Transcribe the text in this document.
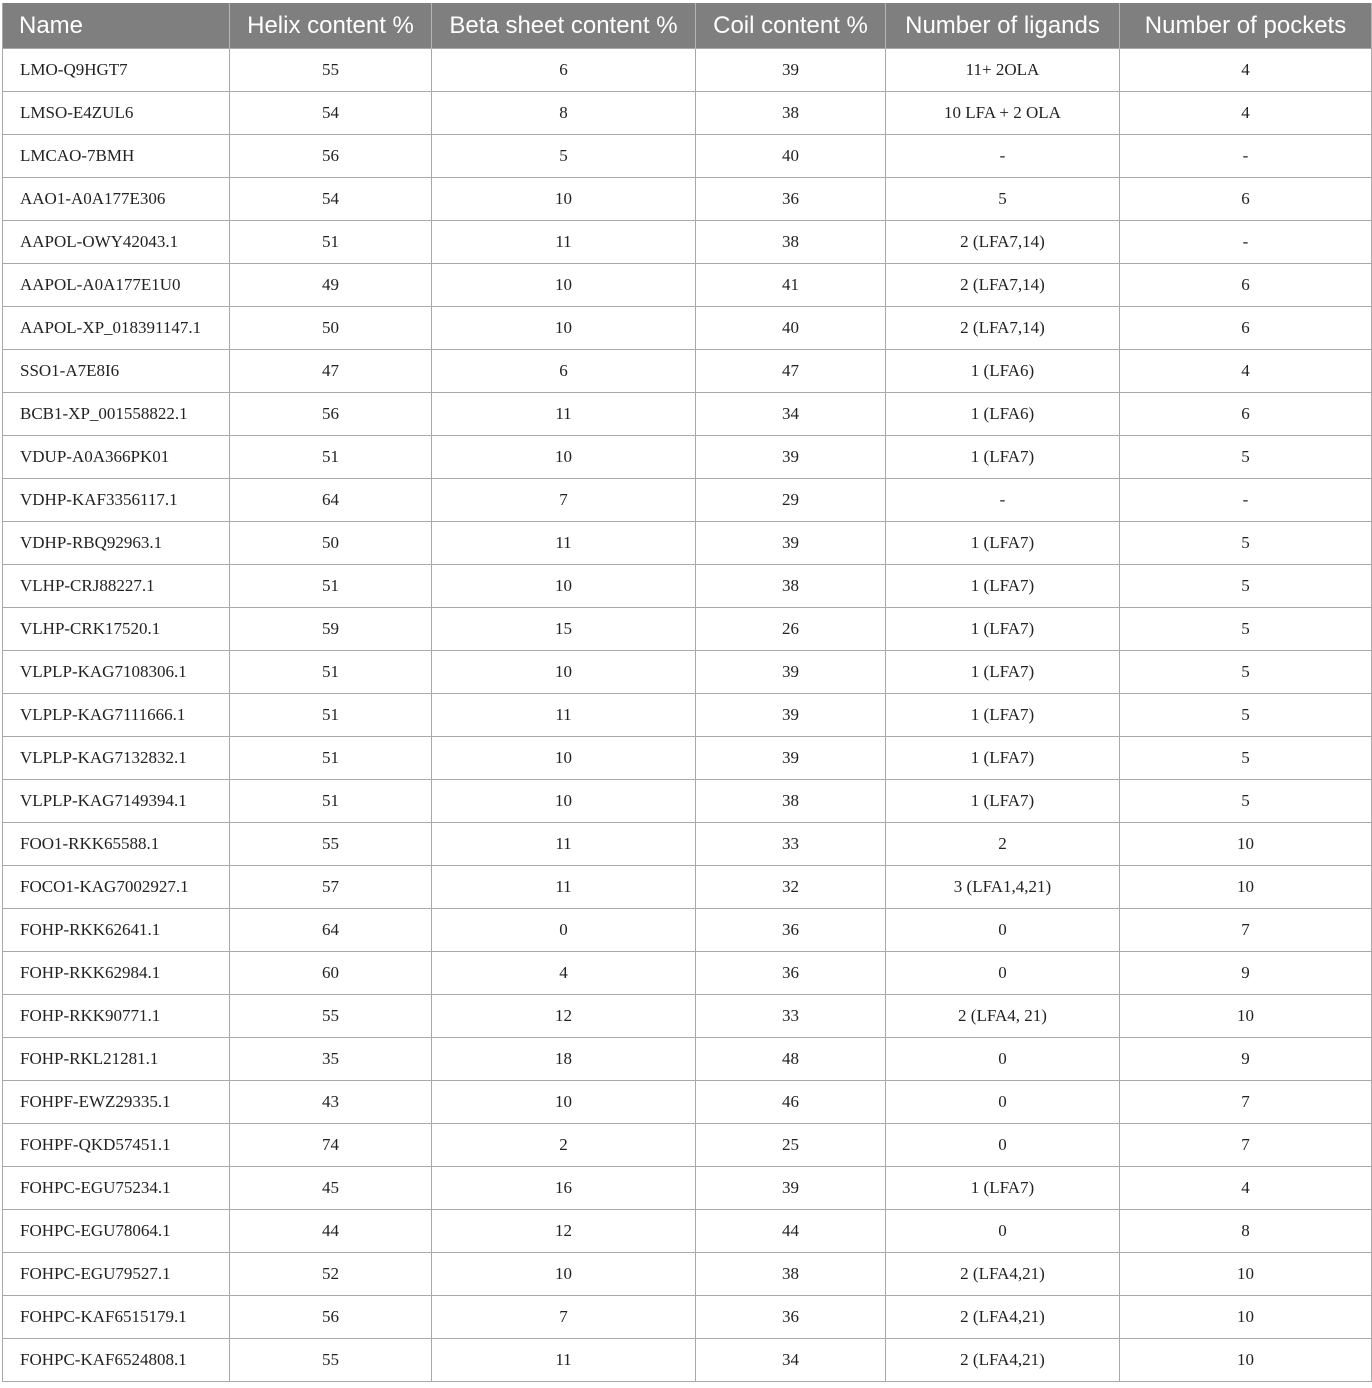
Name	Helix content %	Beta sheet content %	Coil content %	Number of ligands	Number of pockets
LMO-Q9HGT7	55	6	39	11+ 2OLA	4
LMSO-E4ZUL6	54	8	38	10 LFA + 2 OLA	4
LMCAO-7BMH	56	5	40	-	-
AAO1-A0A177E306	54	10	36	5	6
AAPOL-OWY42043.1	51	11	38	2 (LFA7,14)	-
AAPOL-A0A177E1U0	49	10	41	2 (LFA7,14)	6
AAPOL-XP_018391147.1	50	10	40	2 (LFA7,14)	6
SSO1-A7E8I6	47	6	47	1 (LFA6)	4
BCB1-XP_001558822.1	56	11	34	1 (LFA6)	6
VDUP-A0A366PK01	51	10	39	1 (LFA7)	5
VDHP-KAF3356117.1	64	7	29	-	-
VDHP-RBQ92963.1	50	11	39	1 (LFA7)	5
VLHP-CRJ88227.1	51	10	38	1 (LFA7)	5
VLHP-CRK17520.1	59	15	26	1 (LFA7)	5
VLPLP-KAG7108306.1	51	10	39	1 (LFA7)	5
VLPLP-KAG7111666.1	51	11	39	1 (LFA7)	5
VLPLP-KAG7132832.1	51	10	39	1 (LFA7)	5
VLPLP-KAG7149394.1	51	10	38	1 (LFA7)	5
FOO1-RKK65588.1	55	11	33	2	10
FOCO1-KAG7002927.1	57	11	32	3 (LFA1,4,21)	10
FOHP-RKK62641.1	64	0	36	0	7
FOHP-RKK62984.1	60	4	36	0	9
FOHP-RKK90771.1	55	12	33	2 (LFA4, 21)	10
FOHP-RKL21281.1	35	18	48	0	9
FOHPF-EWZ29335.1	43	10	46	0	7
FOHPF-QKD57451.1	74	2	25	0	7
FOHPC-EGU75234.1	45	16	39	1 (LFA7)	4
FOHPC-EGU78064.1	44	12	44	0	8
FOHPC-EGU79527.1	52	10	38	2 (LFA4,21)	10
FOHPC-KAF6515179.1	56	7	36	2 (LFA4,21)	10
FOHPC-KAF6524808.1	55	11	34	2 (LFA4,21)	10
